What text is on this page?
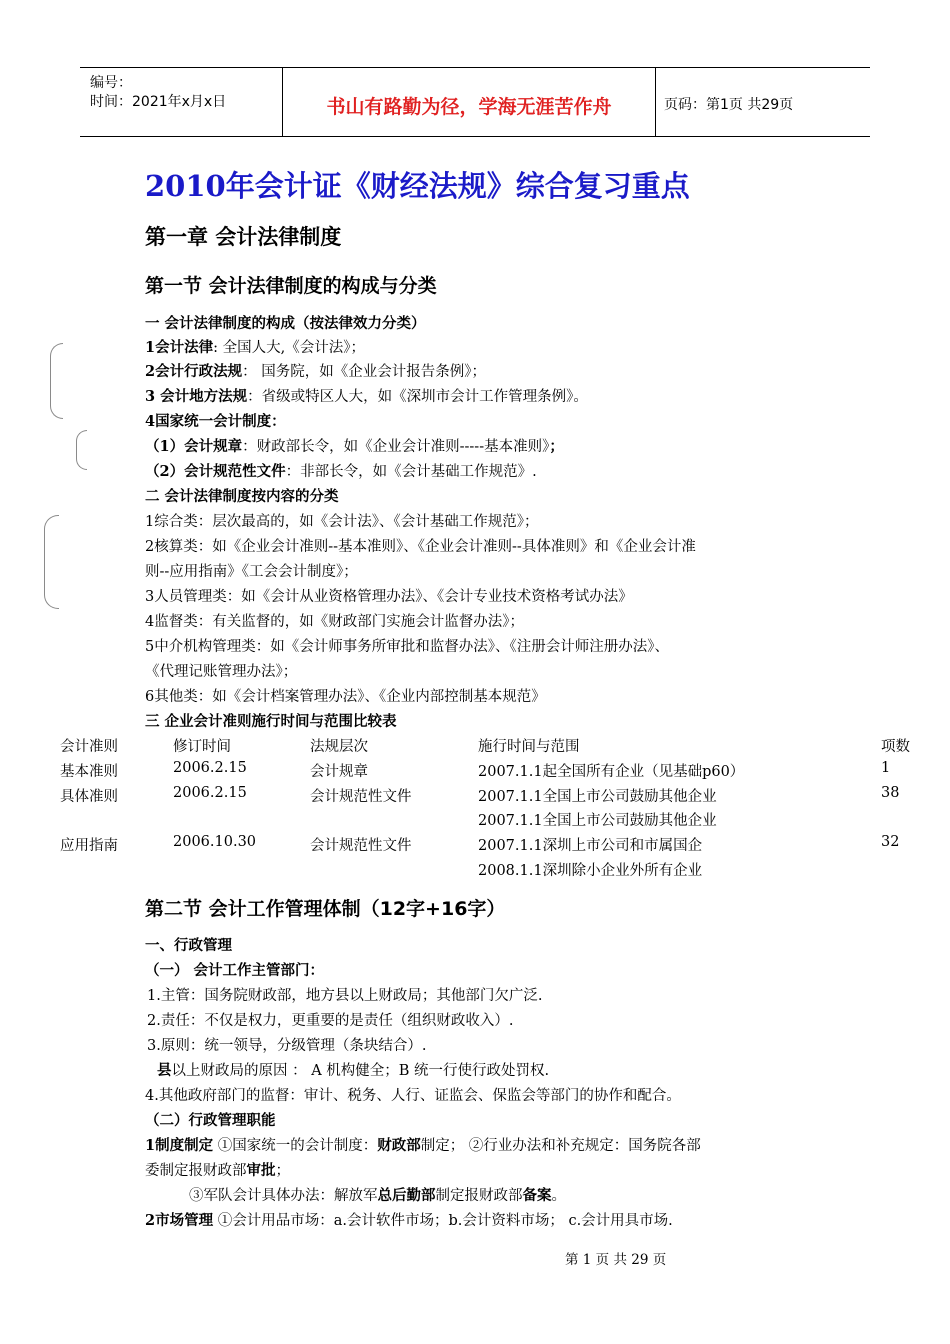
编号：
时间：2021年x月x日	书山有路勤为径，学海无涯苦作舟	页码：第1页 共29页
2010年会计证《财经法规》综合复习重点
第一章 会计法律制度
第一节 会计法律制度的构成与分类
一 会计法律制度的构成（按法律效力分类）
1会计法律: 全国人大,《会计法》；
2会计行政法规： 国务院，如《企业会计报告条例》；
3 会计地方法规：省级或特区人大，如《深圳市会计工作管理条例》。
4国家统一会计制度：
（1）会计规章：财政部长令，如《企业会计准则-----基本准则》；
（2）会计规范性文件：非部长令，如《会计基础工作规范》.
二 会计法律制度按内容的分类
1综合类：层次最高的，如《会计法》、《会计基础工作规范》；
2核算类：如《企业会计准则--基本准则》、《企业会计准则--具体准则》和《企业会计准
则--应用指南》《工会会计制度》；
3人员管理类：如《会计从业资格管理办法》、《会计专业技术资格考试办法》
4监督类：有关监督的，如《财政部门实施会计监督办法》；
5中介机构管理类：如《会计师事务所审批和监督办法》、《注册会计师注册办法》、
《代理记账管理办法》；
6其他类：如《会计档案管理办法》、《企业内部控制基本规范》
三 企业会计准则施行时间与范围比较表
会计准则	修订时间	法规层次	施行时间与范围	项数
基本准则	2006.2.15	会计规章	2007.1.1起全国所有企业（见基础p60）	1
具体准则	2006.2.15	会计规范性文件	2007.1.1全国上市公司鼓励其他企业	38
2007.1.1全国上市公司鼓励其他企业
应用指南	2006.10.30	会计规范性文件	2007.1.1深圳上市公司和市属国企	32
2008.1.1深圳除小企业外所有企业
第二节 会计工作管理体制（12字+16字）
一、行政管理
（一） 会计工作主管部门：
1.主管：国务院财政部，地方县以上财政局；其他部门欠广泛.
2.责任：不仅是权力，更重要的是责任（组织财政收入）.
3.原则：统一领导，分级管理（条块结合）.
县以上财政局的原因 ： A 机构健全；B 统一行使行政处罚权.
4.其他政府部门的监督：审计、税务、人行、证监会、保监会等部门的协作和配合。
（二）行政管理职能
1制度制定 ①国家统一的会计制度：财政部制定； ②行业办法和补充规定：国务院各部
委制定报财政部审批；
③军队会计具体办法：解放军总后勤部制定报财政部备案。
2市场管理 ①会计用品市场：a.会计软件市场；b.会计资料市场； c.会计用具市场.
第 1 页 共 29 页
